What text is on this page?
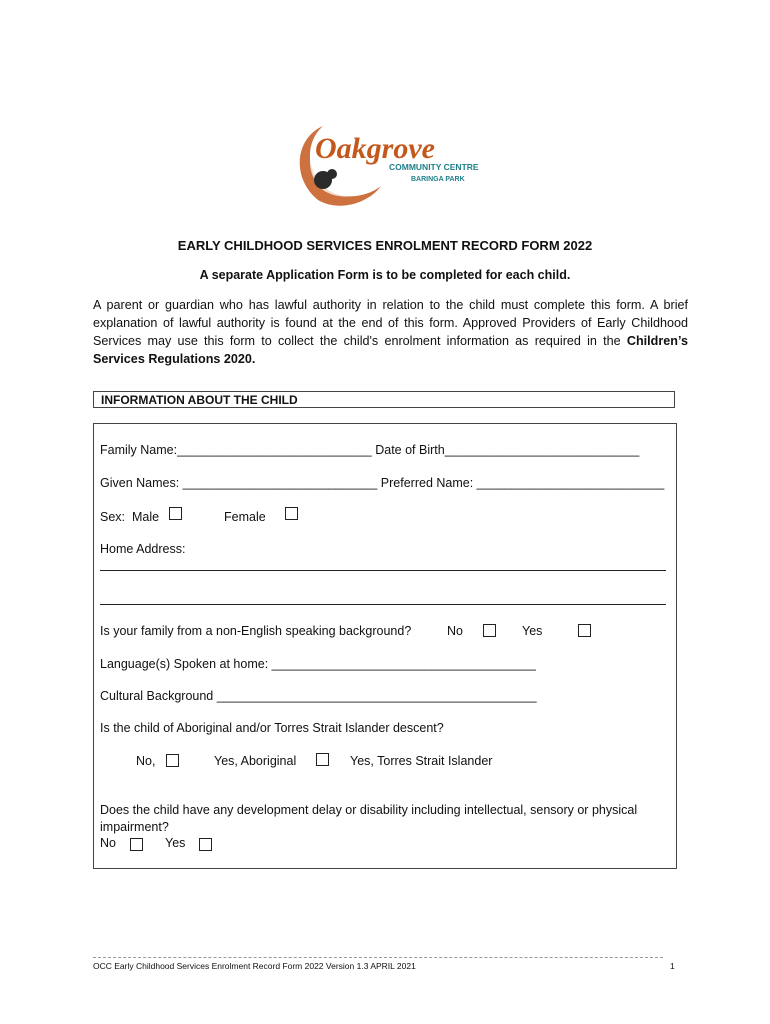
Oakgrove
COMMUNITY CENTRE
BARINGA PARK
EARLY CHILDHOOD SERVICES ENROLMENT RECORD FORM 2022
A separate Application Form is to be completed for each child.
A parent or guardian who has lawful authority in relation to the child must complete this form. A brief explanation of lawful authority is found at the end of this form. Approved Providers of Early Childhood Services may use this form to collect the child's enrolment information as required in the Children’s Services Regulations 2020.
INFORMATION ABOUT THE CHILD
Family Name:____________________________ Date of Birth____________________________
Given Names: ____________________________ Preferred Name: ___________________________
Sex: Male	Female
Home Address:
Is your family from a non-English speaking background?	No	Yes
Language(s) Spoken at home: ______________________________________
Cultural Background ______________________________________________
Is the child of Aboriginal and/or Torres Strait Islander descent?
No,	Yes, Aboriginal	Yes, Torres Strait Islander
Does the child have any development delay or disability including intellectual, sensory or physical
impairment?
No	Yes
OCC Early Childhood Services Enrolment Record Form 2022 Version 1.3 APRIL 2021	1
